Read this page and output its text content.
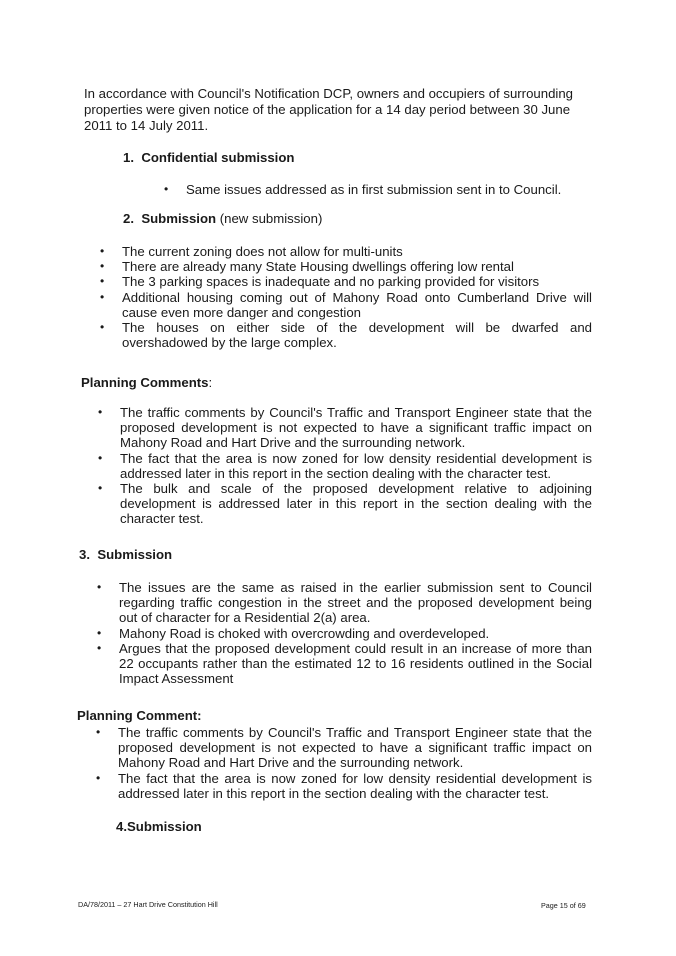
In accordance with Council's Notification DCP, owners and occupiers of surrounding properties were given notice of the application for a 14 day period between 30 June 2011 to 14 July 2011.

1. Confidential submission
•	Same issues addressed as in first submission sent in to Council.
2. Submission (new submission)
•	The current zoning does not allow for multi-units
•	There are already many State Housing dwellings offering low rental
•	The 3 parking spaces is inadequate and no parking provided for visitors
•	Additional housing coming out of Mahony Road onto Cumberland Drive will cause even more danger and congestion
•	The houses on either side of the development will be dwarfed and overshadowed by the large complex.
Planning Comments:
•	The traffic comments by Council's Traffic and Transport Engineer state that the proposed development is not expected to have a significant traffic impact on Mahony Road and Hart Drive and the surrounding network.
•	The fact that the area is now zoned for low density residential development is addressed later in this report in the section dealing with the character test.
•	The bulk and scale of the proposed development relative to adjoining development is addressed later in this report in the section dealing with the character test.
3. Submission
•	The issues are the same as raised in the earlier submission sent to Council regarding traffic congestion in the street and the proposed development being out of character for a Residential 2(a) area.
•	Mahony Road is choked with overcrowding and overdeveloped.
•	Argues that the proposed development could result in an increase of more than 22 occupants rather than the estimated 12 to 16 residents outlined in the Social Impact Assessment
Planning Comment:
•	The traffic comments by Council's Traffic and Transport Engineer state that the proposed development is not expected to have a significant traffic impact on Mahony Road and Hart Drive and the surrounding network.
•	The fact that the area is now zoned for low density residential development is addressed later in this report in the section dealing with the character test.
4.Submission
DA/78/2011 – 27 Hart Drive Constitution Hill	Page 15 of 69
